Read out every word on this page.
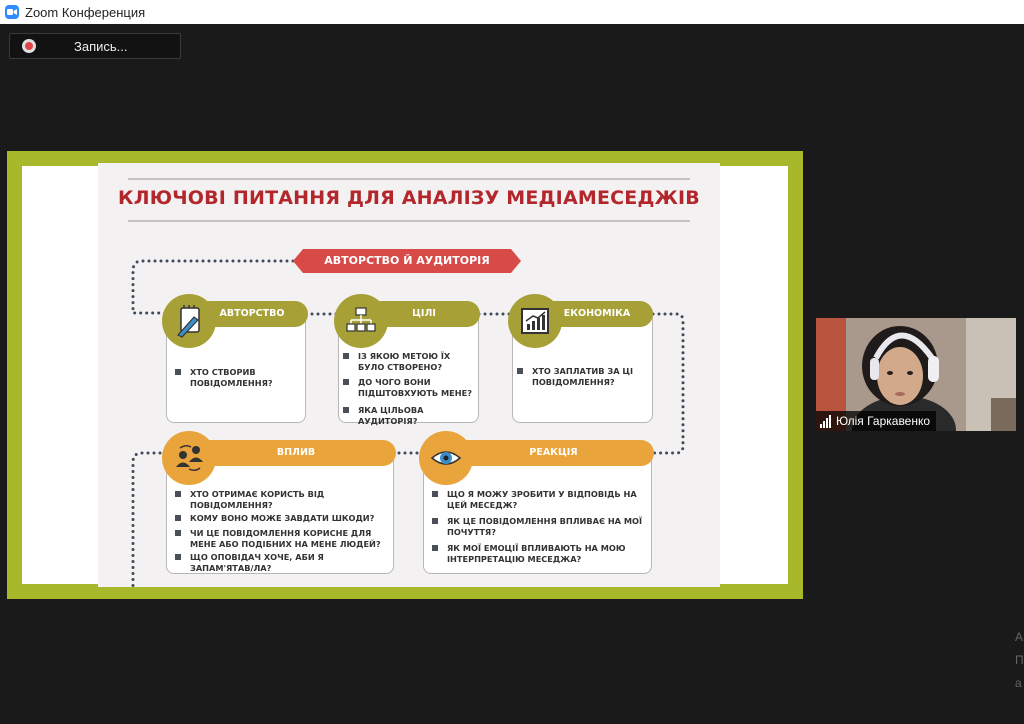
Zoom Конференция
Запись...
КЛЮЧОВІ ПИТАННЯ ДЛЯ АНАЛІЗУ МЕДІАМЕСЕДЖІВ
АВТОРСТВО Й АУДИТОРІЯ
АВТОРСТВО
ХТО СТВОРИВ ПОВІДОМЛЕННЯ?
ЦІЛІ
ІЗ ЯКОЮ МЕТОЮ ЇХ БУЛО СТВОРЕНО?
ДО ЧОГО ВОНИ ПІДШТОВХУЮТЬ МЕНЕ?
ЯКА ЦІЛЬОВА АУДИТОРІЯ?
ЕКОНОМІКА
ХТО ЗАПЛАТИВ ЗА ЦІ ПОВІДОМЛЕННЯ?
ВПЛИВ
ХТО ОТРИМАЄ КОРИСТЬ ВІД ПОВІДОМЛЕННЯ?
КОМУ ВОНО МОЖЕ ЗАВДАТИ ШКОДИ?
ЧИ ЦЕ ПОВІДОМЛЕННЯ КОРИСНЕ ДЛЯ МЕНЕ АБО ПОДІБНИХ НА МЕНЕ ЛЮДЕЙ?
ЩО ОПОВІДАЧ ХОЧЕ, АБИ Я ЗАПАМ'ЯТАВ/ЛА?
РЕАКЦІЯ
ЩО Я МОЖУ ЗРОБИТИ У ВІДПОВІДЬ НА ЦЕЙ МЕСЕДЖ?
ЯК ЦЕ ПОВІДОМЛЕННЯ ВПЛИВАЄ НА МОЇ ПОЧУТТЯ?
ЯК МОЇ ЕМОЦІЇ ВПЛИВАЮТЬ НА МОЮ ІНТЕРПРЕТАЦІЮ МЕСЕДЖА?
Юлія Гаркавенко
А
П
а
